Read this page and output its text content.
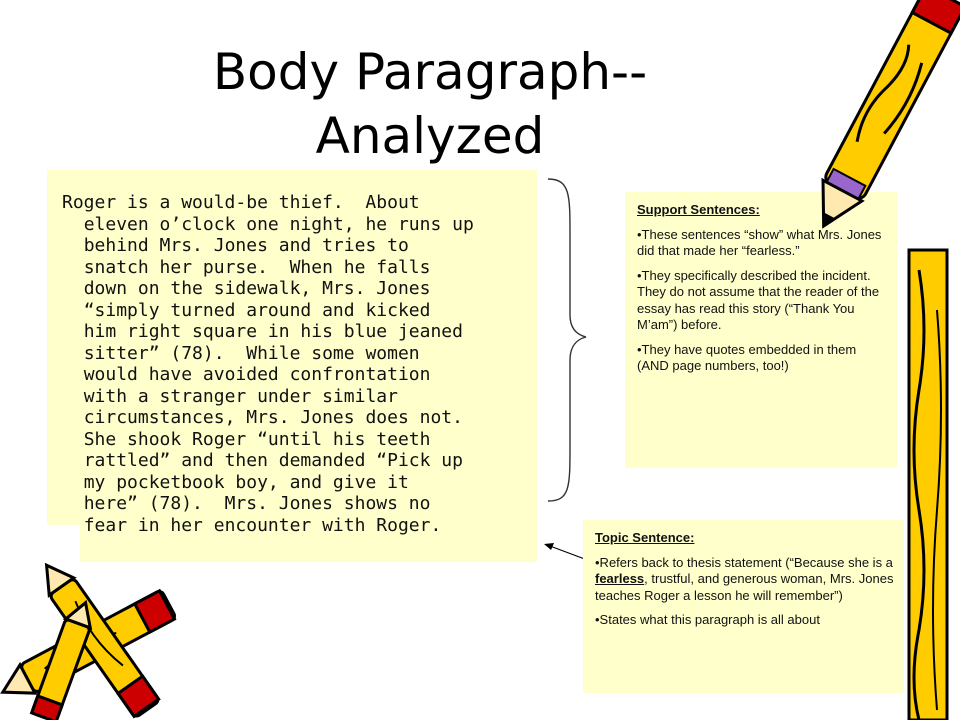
Body Paragraph-- Analyzed
Roger is a would-be thief.  About
eleven o’clock one night, he runs up
behind Mrs. Jones and tries to
snatch her purse.  When he falls
down on the sidewalk, Mrs. Jones
“simply turned around and kicked
him right square in his blue jeaned
sitter” (78).  While some women
would have avoided confrontation
with a stranger under similar
circumstances, Mrs. Jones does not.
She shook Roger “until his teeth
rattled” and then demanded “Pick up
my pocketbook boy, and give it
here” (78).  Mrs. Jones shows no
fear in her encounter with Roger.
Support Sentences:

•These sentences “show” what Mrs. Jones did that made her “fearless.”

•They specifically described the incident. They do not assume that the reader of the essay has read this story (“Thank You M’am”) before.

•They have quotes embedded in them (AND page numbers, too!)

Topic Sentence:

•Refers back to thesis statement (“Because she is a fearless, trustful, and generous woman, Mrs. Jones teaches Roger a lesson he will remember”)

•States what this paragraph is all about
